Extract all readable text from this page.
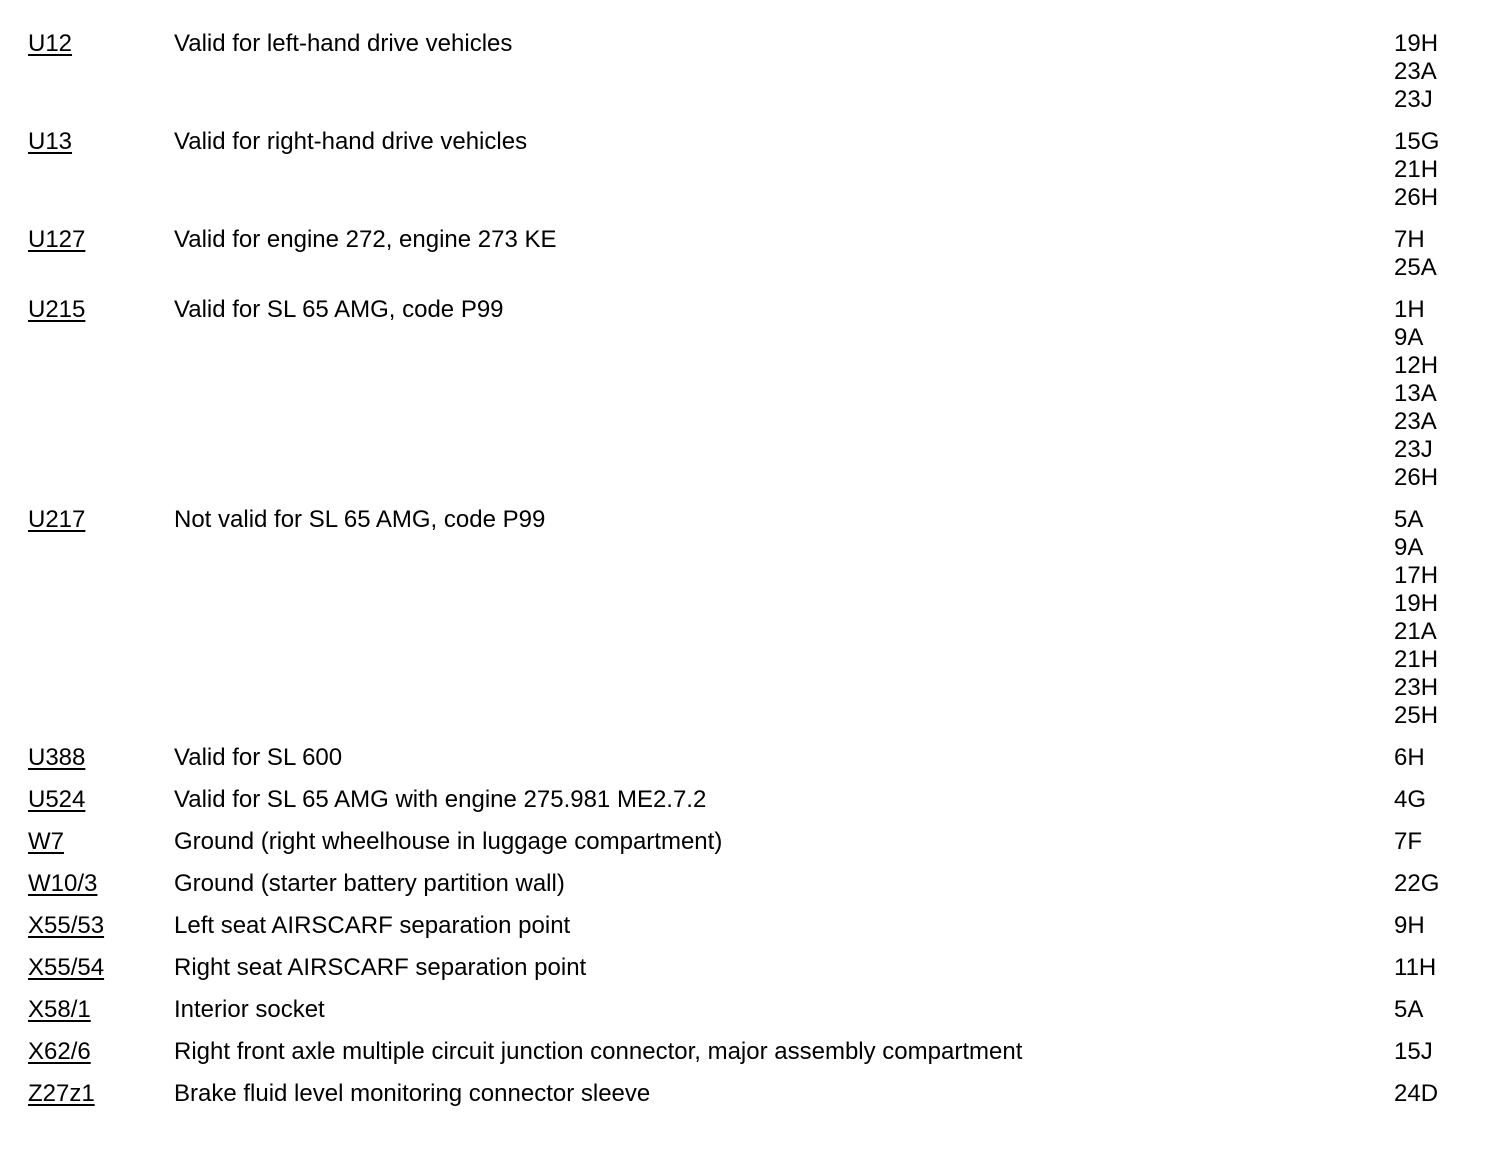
U12	Valid for left-hand drive vehicles	19H
23A
23J
U13	Valid for right-hand drive vehicles	15G
21H
26H
U127	Valid for engine 272, engine 273 KE	7H
25A
U215	Valid for SL 65 AMG, code P99	1H
9A
12H
13A
23A
23J
26H
U217	Not valid for SL 65 AMG, code P99	5A
9A
17H
19H
21A
21H
23H
25H
U388	Valid for SL 600	6H
U524	Valid for SL 65 AMG with engine 275.981 ME2.7.2	4G
W7	Ground (right wheelhouse in luggage compartment)	7F
W10/3	Ground (starter battery partition wall)	22G
X55/53	Left seat AIRSCARF separation point	9H
X55/54	Right seat AIRSCARF separation point	11H
X58/1	Interior socket	5A
X62/6	Right front axle multiple circuit junction connector, major assembly compartment	15J
Z27z1	Brake fluid level monitoring connector sleeve	24D
